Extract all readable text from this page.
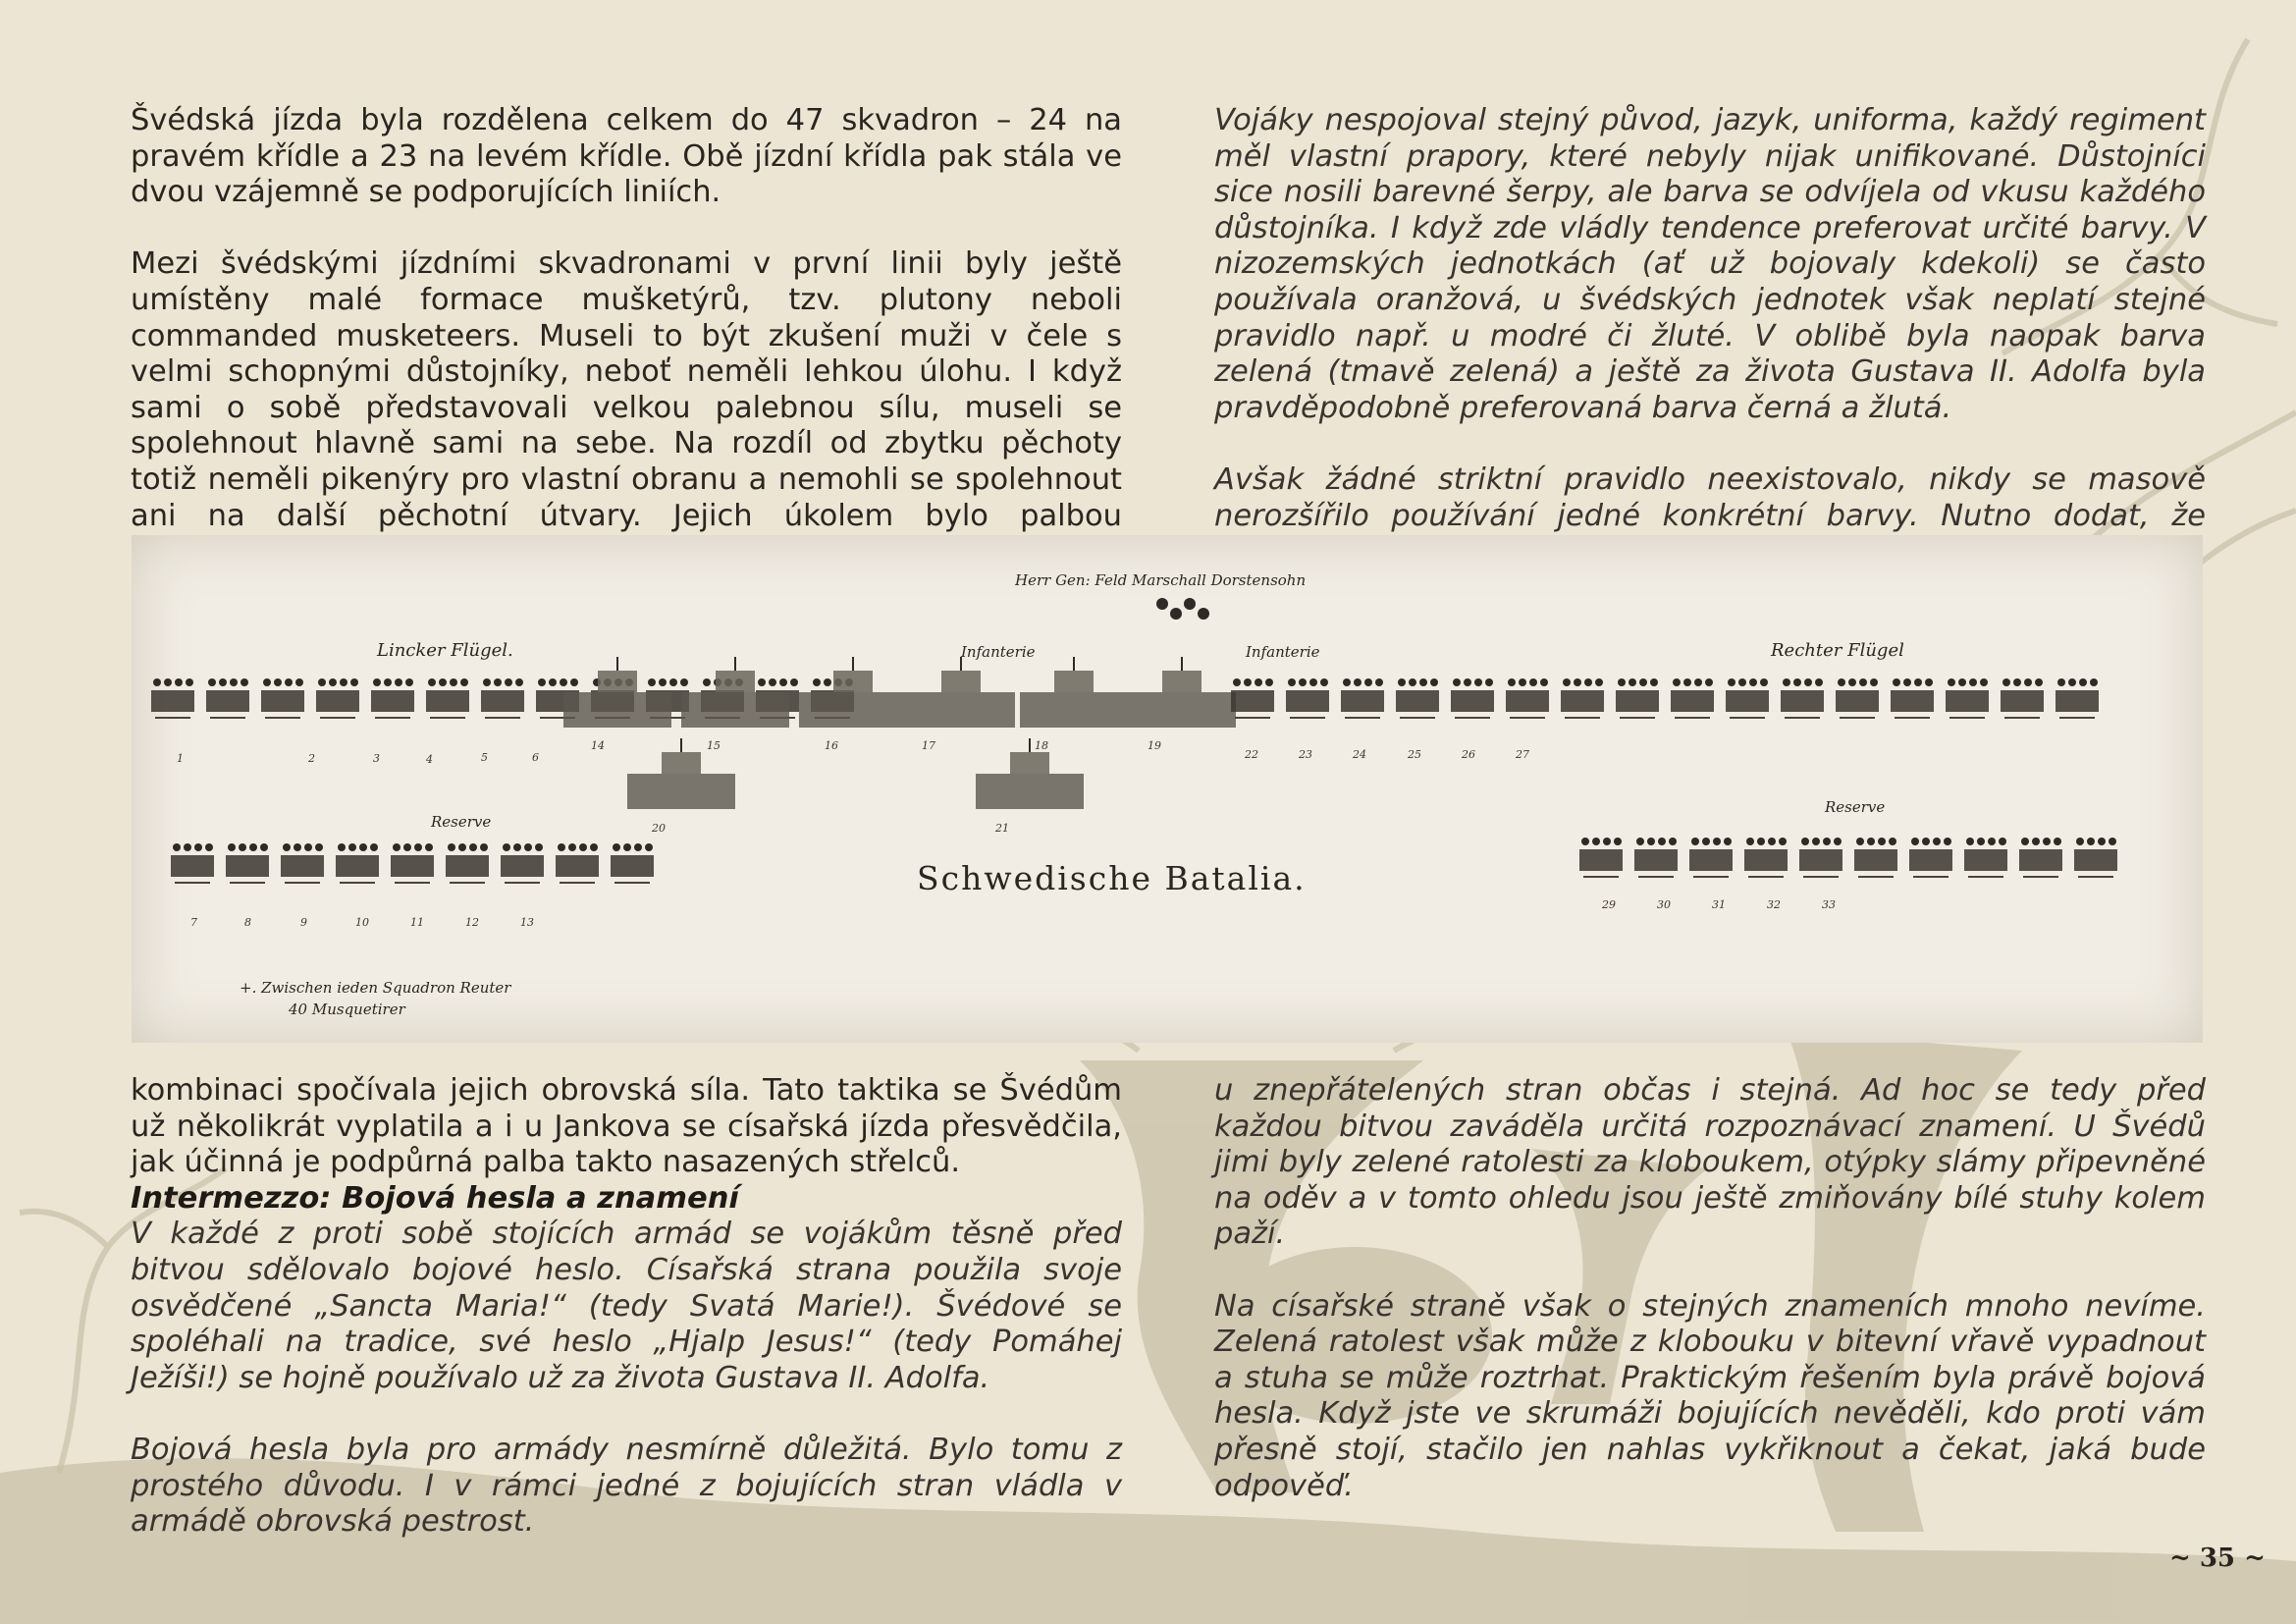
Švédská jízda byla rozdělena celkem do 47 skvadron – 24 na pravém křídle a 23 na levém křídle. Obě jízdní křídla pak stála ve dvou vzájemně se podporujících liniích.

Mezi švédskými jízdními skvadronami v první linii byly ještě umístěny malé formace mušketýrů, tzv. plutony neboli commanded musketeers. Museli to být zkušení muži v čele s velmi schopnými důstojníky, neboť neměli lehkou úlohu. I když sami o sobě představovali velkou palebnou sílu, museli se spolehnout hlavně sami na sebe. Na rozdíl od zbytku pěchoty totiž neměli pikenýry pro vlastní obranu a nemohli se spolehnout ani na další pěchotní útvary. Jejich úkolem bylo palbou

Vojáky nespojoval stejný původ, jazyk, uniforma, každý regiment měl vlastní prapory, které nebyly nijak unifikované. Důstojníci sice nosili barevné šerpy, ale barva se odvíjela od vkusu každého důstojníka. I když zde vládly tendence preferovat určité barvy. V nizozemských jednotkách (ať už bojovaly kdekoli) se často používala oranžová, u švédských jednotek však neplatí stejné pravidlo např. u modré či žluté. V oblibě byla naopak barva zelená (tmavě zelená) a ještě za života Gustava II. Adolfa byla pravděpodobně preferovaná barva černá a žlutá.

Avšak žádné striktní pravidlo neexistovalo, nikdy se masově nerozšířilo používání jedné konkrétní barvy. Nutno dodat, že

Herr Gen: Feld Marschall Dorstensohn
Lincker Flügel.	Rechter Flügel
Infanterie	Infanterie
Reserve
Reserve
Schwedische Batalia.
+. Zwischen ieden Squadron Reuter
40 Musquetirer
1	2	3	4	5	6
7	8	9	10	11	12	13
14	15	16	17	18	19
20	21
22	23	24	25	26	27
29	30	31	32	33

kombinaci spočívala jejich obrovská síla. Tato taktika se Švédům už několikrát vyplatila a i u Jankova se císařská jízda přesvědčila, jak účinná je podpůrná palba takto nasazených střelců.

Intermezzo: Bojová hesla a znamení

V každé z proti sobě stojících armád se vojákům těsně před bitvou sdělovalo bojové heslo. Císařská strana použila svoje osvědčené „Sancta Maria!“ (tedy Svatá Marie!). Švédové se spoléhali na tradice, své heslo „Hjalp Jesus!“ (tedy Pomáhej Ježíši!) se hojně používalo už za života Gustava II. Adolfa.

Bojová hesla byla pro armády nesmírně důležitá. Bylo tomu z prostého důvodu. I v rámci jedné z bojujících stran vládla v armádě obrovská pestrost.

u znepřátelených stran občas i stejná. Ad hoc se tedy před každou bitvou zaváděla určitá rozpoznávací znamení. U Švédů jimi byly zelené ratolesti za kloboukem, otýpky slámy připevněné na oděv a v tomto ohledu jsou ještě zmiňovány bílé stuhy kolem paží.

Na císařské straně však o stejných znameních mnoho nevíme. Zelená ratolest však může z klobouku v bitevní vřavě vypadnout a stuha se může roztrhat. Praktickým řešením byla právě bojová hesla. Když jste ve skrumáži bojujících nevěděli, kdo proti vám přesně stojí, stačilo jen nahlas vykřiknout a čekat, jaká bude odpověď.

~ 35 ~
